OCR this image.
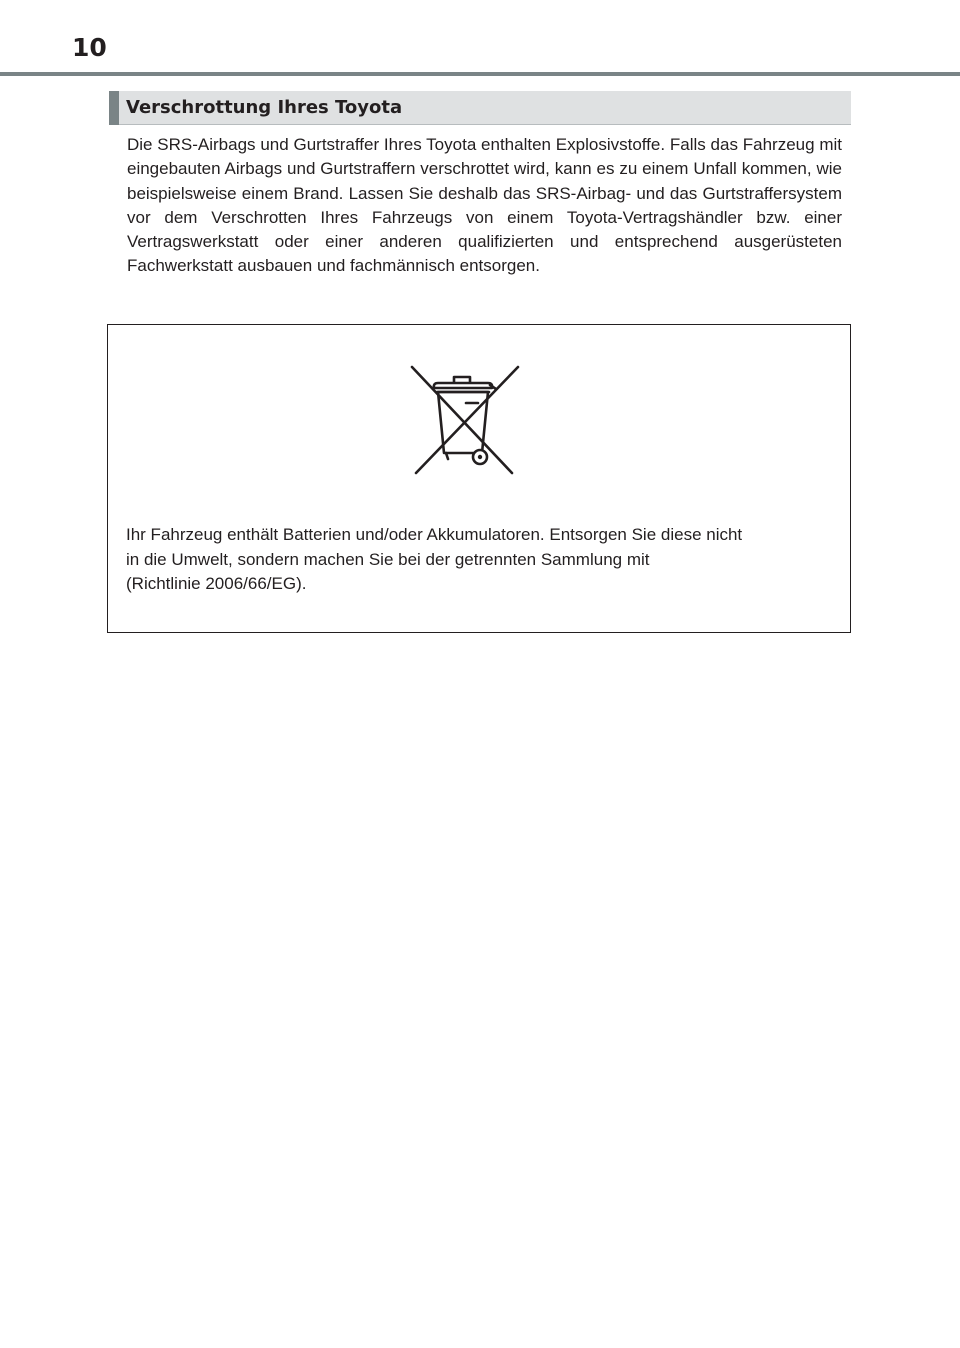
10
Verschrottung Ihres Toyota

Die SRS-Airbags und Gurtstraffer Ihres Toyota enthalten Explosivstoffe. Falls das Fahrzeug mit eingebauten Airbags und Gurtstraffern verschrottet wird, kann es zu einem Unfall kommen, wie beispielsweise einem Brand. Lassen Sie deshalb das SRS-Airbag- und das Gurtstraffersystem vor dem Verschrotten Ihres Fahrzeugs von einem Toyota-Vertragshändler bzw. einer Vertragswerkstatt oder einer anderen qualifizierten und entsprechend ausgerüsteten Fachwerkstatt ausbauen und fachmännisch entsorgen.

Ihr Fahrzeug enthält Batterien und/oder Akkumulatoren. Entsorgen Sie diese nicht
in die Umwelt, sondern machen Sie bei der getrennten Sammlung mit
(Richtlinie 2006/66/EG).
